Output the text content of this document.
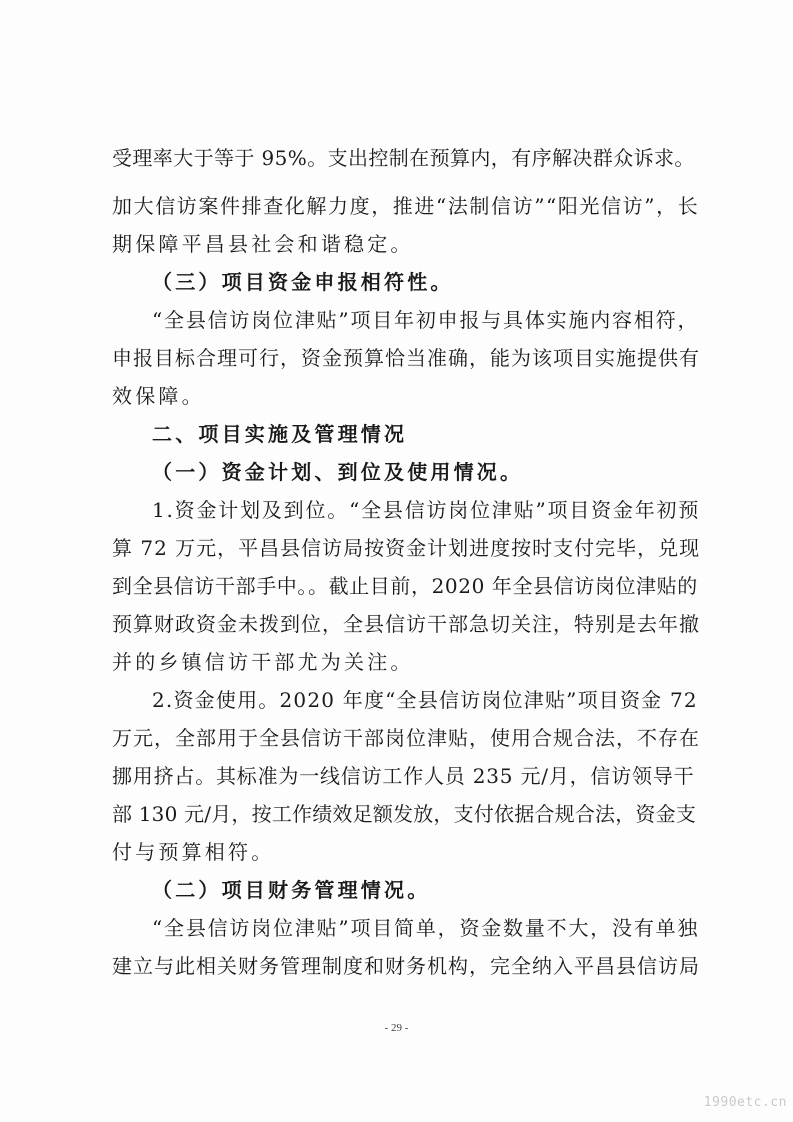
受理率大于等于 95%。支出控制在预算内，有序解决群众诉求。
加大信访案件排查化解力度，推进“法制信访”“阳光信访”，长
期保障平昌县社会和谐稳定。
（三）项目资金申报相符性。
“全县信访岗位津贴”项目年初申报与具体实施内容相符，
申报目标合理可行，资金预算恰当准确，能为该项目实施提供有
效保障。
二、项目实施及管理情况
（一）资金计划、到位及使用情况。
1.资金计划及到位。“全县信访岗位津贴”项目资金年初预
算 72 万元，平昌县信访局按资金计划进度按时支付完毕，兑现
到全县信访干部手中。。截止目前，2020 年全县信访岗位津贴的
预算财政资金未拨到位，全县信访干部急切关注，特别是去年撤
并的乡镇信访干部尤为关注。
2.资金使用。2020 年度“全县信访岗位津贴”项目资金 72
万元，全部用于全县信访干部岗位津贴，使用合规合法，不存在
挪用挤占。其标准为一线信访工作人员 235 元/月，信访领导干
部 130 元/月，按工作绩效足额发放，支付依据合规合法，资金支
付与预算相符。
（二）项目财务管理情况。
“全县信访岗位津贴”项目简单，资金数量不大，没有单独
建立与此相关财务管理制度和财务机构，完全纳入平昌县信访局
- 29 -
1990etc.cn
